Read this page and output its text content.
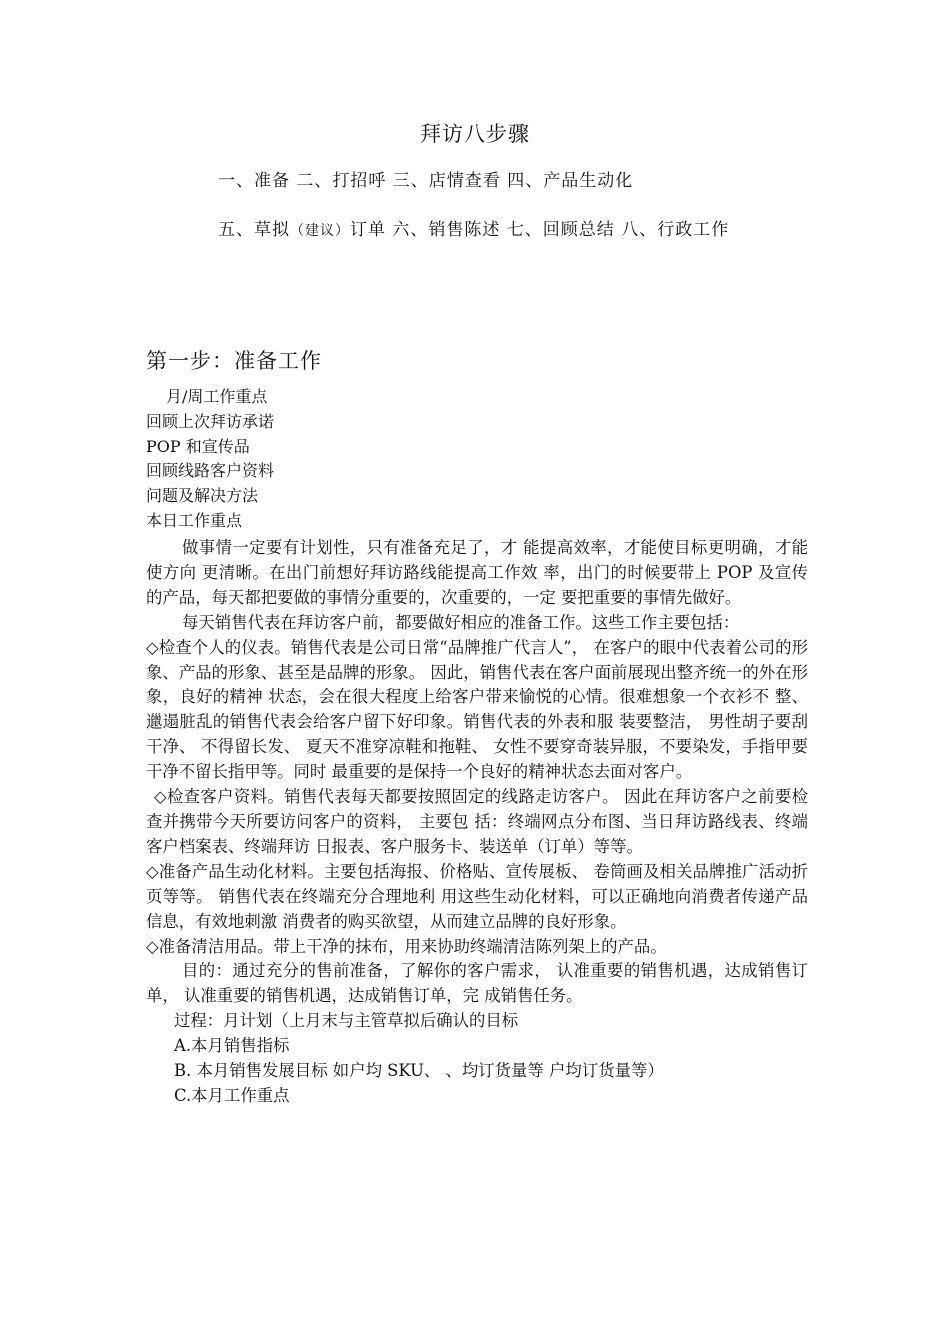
拜访八步骤
一、准备 二、打招呼 三、店情查看 四、产品生动化
五、草拟（建议）订单 六、销售陈述 七、回顾总结 八、行政工作
第一步：准备工作
月/周工作重点
回顾上次拜访承诺
POP 和宣传品
回顾线路客户资料
问题及解决方法
本日工作重点

做事情一定要有计划性，只有准备充足了，才 能提高效率，才能使目标更明确，才能使方向 更清晰。在出门前想好拜访路线能提高工作效 率，出门的时候要带上 POP 及宣传的产品，每天都把要做的事情分重要的，次重要的，一定 要把重要的事情先做好。

每天销售代表在拜访客户前，都要做好相应的准备工作。这些工作主要包括：

◇检查个人的仪表。销售代表是公司日常“品牌推广代言人”， 在客户的眼中代表着公司的形象、产品的形象、甚至是品牌的形象。 因此，销售代表在客户面前展现出整齐统一的外在形象，良好的精神 状态，会在很大程度上给客户带来愉悦的心情。很难想象一个衣衫不 整、邋遢脏乱的销售代表会给客户留下好印象。销售代表的外表和服 装要整洁， 男性胡子要刮干净、 不得留长发、 夏天不准穿凉鞋和拖鞋、 女性不要穿奇装异服，不要染发，手指甲要干净不留长指甲等。同时 最重要的是保持一个良好的精神状态去面对客户。

◇检查客户资料。销售代表每天都要按照固定的线路走访客户。 因此在拜访客户之前要检查并携带今天所要访问客户的资料， 主要包 括：终端网点分布图、当日拜访路线表、终端客户档案表、终端拜访 日报表、客户服务卡、装送单（订单）等等。

◇准备产品生动化材料。主要包括海报、价格贴、宣传展板、 卷筒画及相关品牌推广活动折页等等。 销售代表在终端充分合理地利 用这些生动化材料，可以正确地向消费者传递产品信息，有效地刺激 消费者的购买欲望，从而建立品牌的良好形象。

◇准备清洁用品。带上干净的抹布，用来协助终端清洁陈列架上的产品。

目的：通过充分的售前准备，了解你的客户需求， 认准重要的销售机遇，达成销售订单， 认准重要的销售机遇，达成销售订单，完 成销售任务。

过程：月计划（上月末与主管草拟后确认的目标

A.本月销售指标

B. 本月销售发展目标 如户均 SKU、 、均订货量等 户均订货量等）

C.本月工作重点
